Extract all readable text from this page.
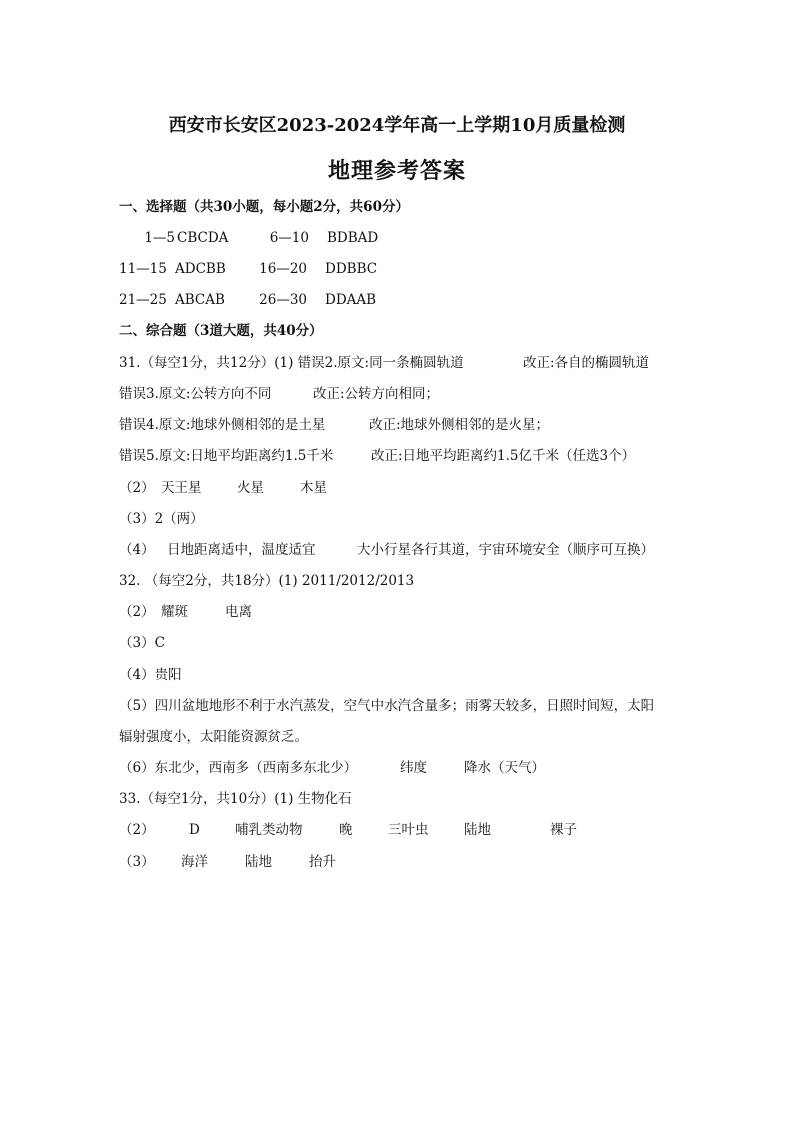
西安市长安区2023-2024学年高一上学期10月质量检测
地理参考答案
一、选择题（共30小题，每小题2分，共60分）
1—5 CBCDA	6—10 BDBAD
11—15 ADCBB 16—20 DDBBC
21—25 ABCAB	26—30 DDAAB
二、综合题（3道大题，共40分）
31.（每空1分，共12分）(1) 错误2.原文:同一条椭圆轨道	改正:各自的椭圆轨道
错误3.原文:公转方向不同	改正:公转方向相同；
错误4.原文:地球外侧相邻的是土星	改正:地球外侧相邻的是火星；
错误5.原文:日地平均距离约1.5千米	改正:日地平均距离约1.5亿千米（任选3个）
（2） 天王星	火星	木星
（3）2（两）
（4） 日地距离适中，温度适宜	大小行星各行其道，宇宙环境安全（顺序可互换）
32. （每空2分，共18分）(1) 2011/2012/2013
（2） 耀斑	电离
（3）C
（4）贵阳
（5）四川盆地地形不利于水汽蒸发，空气中水汽含量多；雨雾天较多，日照时间短，太阳
辐射强度小，太阳能资源贫乏。
（6）东北少，西南多（西南多东北少）	纬度	降水（天气）
33.（每空1分，共10分）(1) 生物化石
（2）	D	哺乳类动物	晚	三叶虫	陆地	裸子
（3） 海洋	陆地	抬升
